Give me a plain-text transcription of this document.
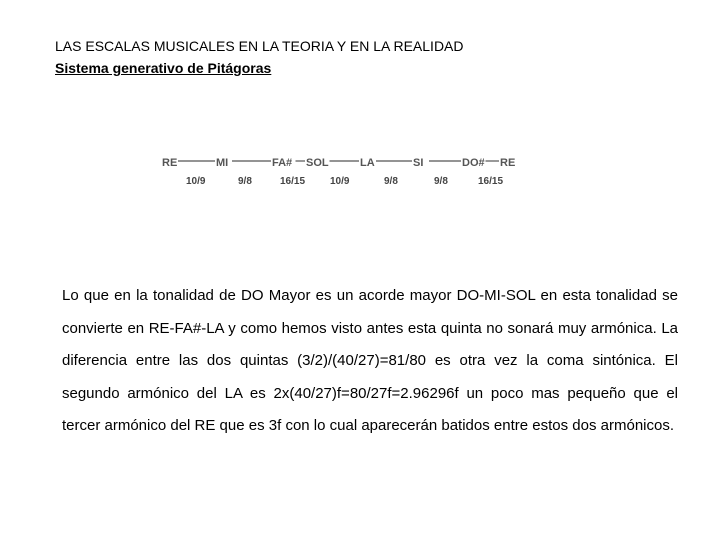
LAS ESCALAS MUSICALES EN LA TEORIA Y EN LA REALIDAD
Sistema generativo de Pitágoras
RE	MI	FA# SOL	LA	SI	DO# RE
10/9	9/8	16/15 10/9	9/8	9/8	16/15

Lo que en la tonalidad de DO Mayor es un acorde mayor DO-MI-SOL en esta tonalidad se convierte en RE-FA#-LA y como hemos visto antes esta quinta no sonará muy armónica. La diferencia entre las dos quintas (3/2)/(40/27)=81/80 es otra vez la coma sintónica. El segundo armónico del LA es 2x(40/27)f=80/27f=2.96296f un poco mas pequeño que el tercer armónico del RE que es 3f con lo cual aparecerán batidos entre estos dos armónicos.
